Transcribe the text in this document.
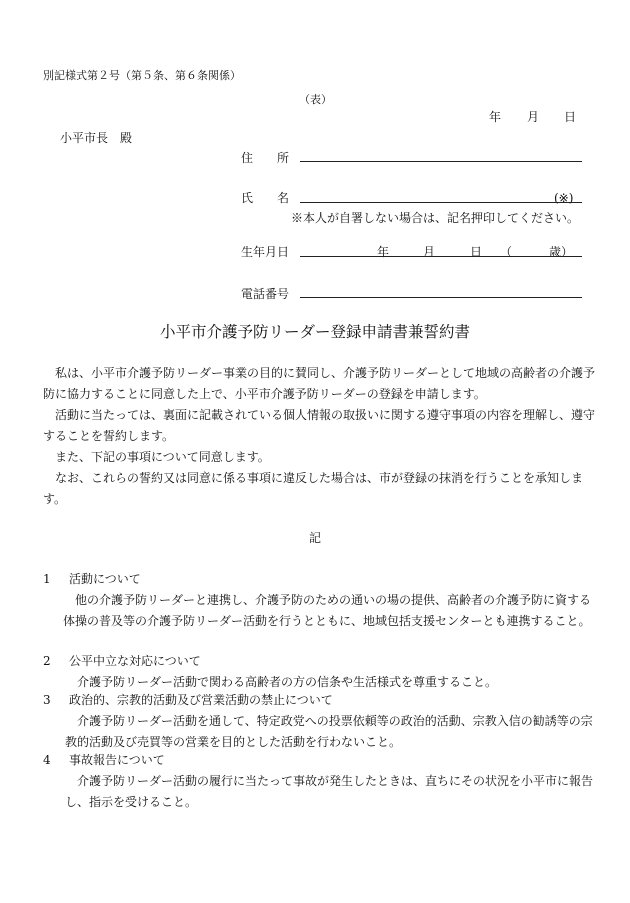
別記様式第２号（第５条、第６条関係）
（表）
年 月 日
小平市長　殿
住　　所
氏　　名	(※)
※本人が自署しない場合は、記名押印してください。
生年月日	年	月	日 （	歳）
電話番号
小平市介護予防リーダー登録申請書兼誓約書

私は、小平市介護予防リーダー事業の目的に賛同し、介護予防リーダーとして地域の高齢者の介護予防に協力することに同意した上で、小平市介護予防リーダーの登録を申請します。

活動に当たっては、裏面に記載されている個人情報の取扱いに関する遵守事項の内容を理解し、遵守することを誓約します。

また、下記の事項について同意します。

なお、これらの誓約又は同意に係る事項に違反した場合は、市が登録の抹消を行うことを承知します。

記
1	活動について
他の介護予防リーダーと連携し、介護予防のための通いの場の提供、高齢者の介護予防に資する体操の普及等の介護予防リーダー活動を行うとともに、地域包括支援センターとも連携すること。
2	公平中立な対応について
介護予防リーダー活動で関わる高齢者の方の信条や生活様式を尊重すること。
3	政治的、宗教的活動及び営業活動の禁止について
介護予防リーダー活動を通して、特定政党への投票依頼等の政治的活動、宗教入信の勧誘等の宗教的活動及び売買等の営業を目的とした活動を行わないこと。
4	事故報告について
介護予防リーダー活動の履行に当たって事故が発生したときは、直ちにその状況を小平市に報告し、指示を受けること。
